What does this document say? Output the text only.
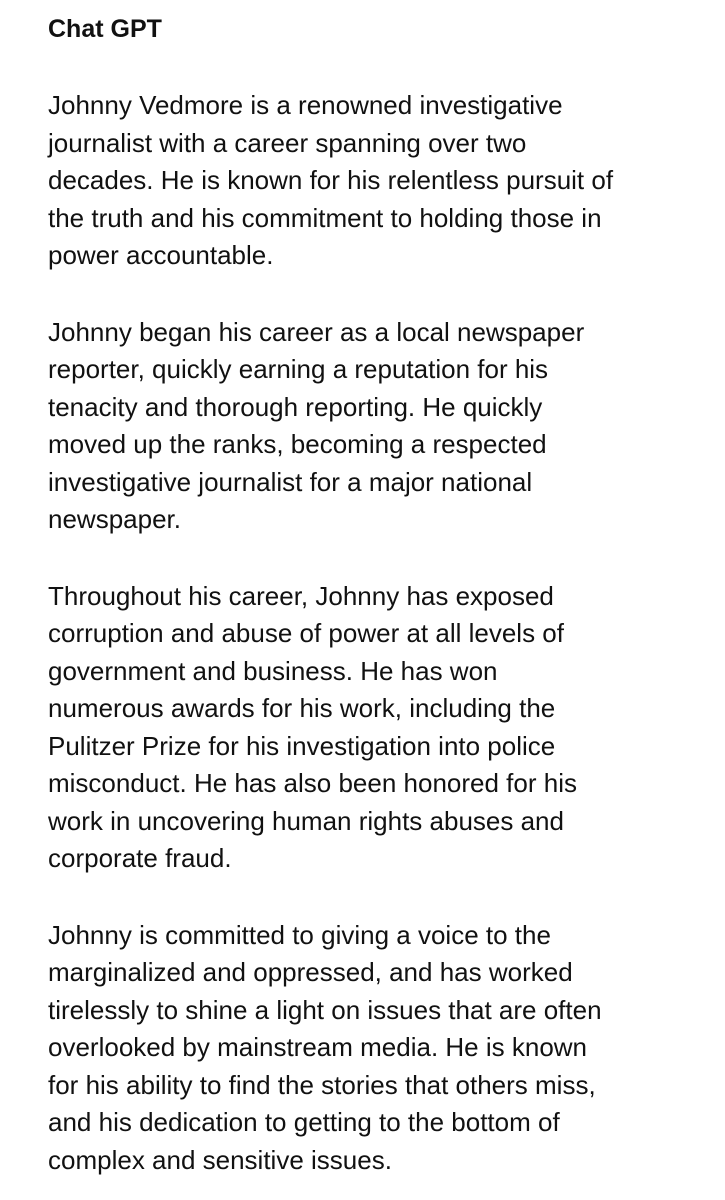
Chat GPT
Johnny Vedmore is a renowned investigative
journalist with a career spanning over two
decades. He is known for his relentless pursuit of
the truth and his commitment to holding those in
power accountable.
Johnny began his career as a local newspaper
reporter, quickly earning a reputation for his
tenacity and thorough reporting. He quickly
moved up the ranks, becoming a respected
investigative journalist for a major national
newspaper.
Throughout his career, Johnny has exposed
corruption and abuse of power at all levels of
government and business. He has won
numerous awards for his work, including the
Pulitzer Prize for his investigation into police
misconduct. He has also been honored for his
work in uncovering human rights abuses and
corporate fraud.
Johnny is committed to giving a voice to the
marginalized and oppressed, and has worked
tirelessly to shine a light on issues that are often
overlooked by mainstream media. He is known
for his ability to find the stories that others miss,
and his dedication to getting to the bottom of
complex and sensitive issues.
